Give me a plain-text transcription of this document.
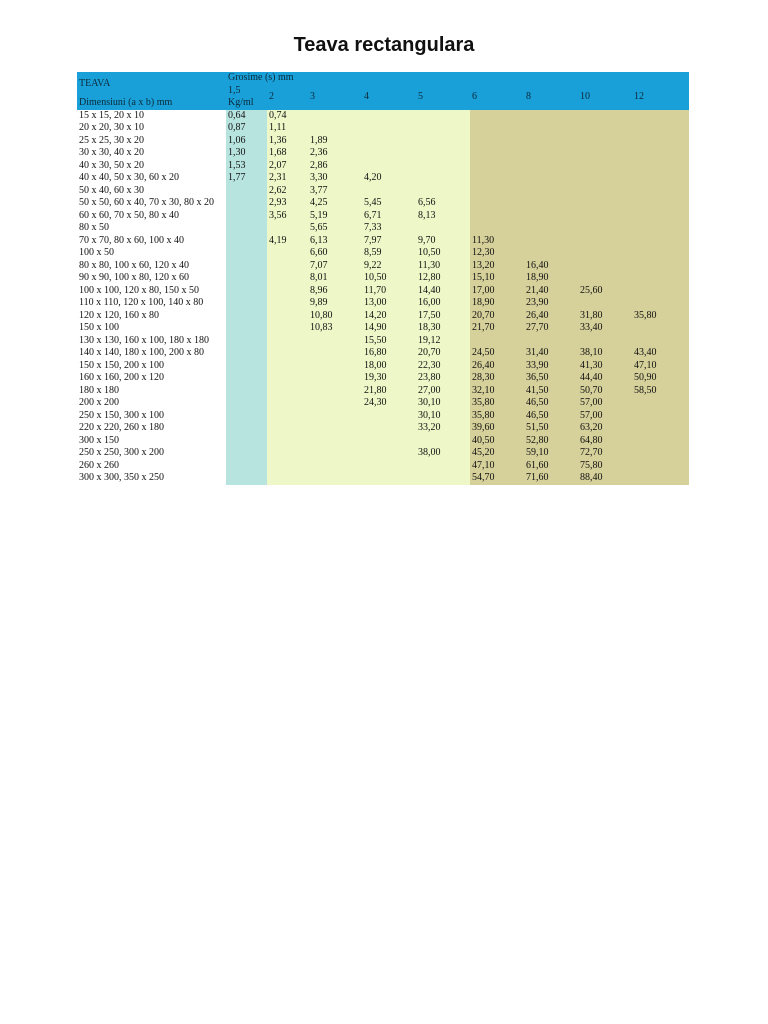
Teava rectangulara
TEAVA	Grosime (s) mm								
	1,5	2	3	4	5	6	8	10	12
Dimensiuni (a x b) mm	Kg/ml								
15 x 15, 20 x 10	0,64	0,74							
20 x 20, 30 x 10	0,87	1,11							
25 x 25, 30 x 20	1,06	1,36	1,89						
30 x 30, 40 x 20	1,30	1,68	2,36						
40 x 30, 50 x 20	1,53	2,07	2,86						
40 x 40, 50 x 30, 60 x 20	1,77	2,31	3,30	4,20					
50 x 40, 60 x 30		2,62	3,77						
50 x 50, 60 x 40, 70 x 30, 80 x 20		2,93	4,25	5,45	6,56				
60 x 60, 70 x 50, 80 x 40		3,56	5,19	6,71	8,13				
80 x 50			5,65	7,33					
70 x 70, 80 x 60, 100 x 40		4,19	6,13	7,97	9,70	11,30			
100 x 50			6,60	8,59	10,50	12,30			
80 x 80, 100 x 60, 120 x 40			7,07	9,22	11,30	13,20	16,40		
90 x 90, 100 x 80, 120 x 60			8,01	10,50	12,80	15,10	18,90		
100 x 100, 120 x 80, 150 x 50			8,96	11,70	14,40	17,00	21,40	25,60	
110 x 110, 120 x 100, 140 x 80			9,89	13,00	16,00	18,90	23,90		
120 x 120, 160 x 80			10,80	14,20	17,50	20,70	26,40	31,80	35,80
150 x 100			10,83	14,90	18,30	21,70	27,70	33,40	
130 x 130, 160 x 100, 180 x 180				15,50	19,12				
140 x 140, 180 x 100, 200 x 80				16,80	20,70	24,50	31,40	38,10	43,40
150 x 150, 200 x 100				18,00	22,30	26,40	33,90	41,30	47,10
160 x 160, 200 x 120				19,30	23,80	28,30	36,50	44,40	50,90
180 x 180				21,80	27,00	32,10	41,50	50,70	58,50
200 x 200				24,30	30,10	35,80	46,50	57,00	
250 x 150, 300 x 100					30,10	35,80	46,50	57,00	
220 x 220, 260 x 180					33,20	39,60	51,50	63,20	
300 x 150						40,50	52,80	64,80	
250 x 250, 300 x 200					38,00	45,20	59,10	72,70	
260 x 260						47,10	61,60	75,80	
300 x 300, 350 x 250						54,70	71,60	88,40	
